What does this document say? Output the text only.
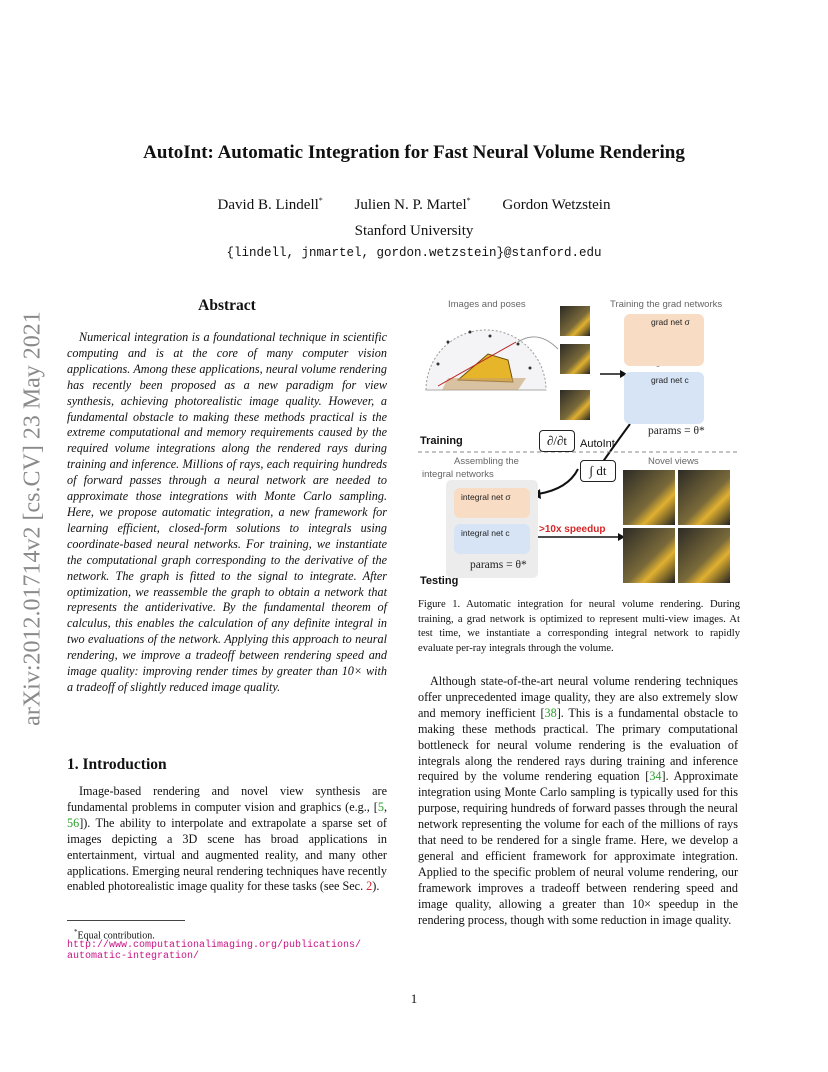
AutoInt: Automatic Integration for Fast Neural Volume Rendering
David B. Lindell* Julien N. P. Martel* Gordon Wetzstein
Stanford University
{lindell, jnmartel, gordon.wetzstein}@stanford.edu
arXiv:2012.01714v2 [cs.CV] 23 May 2021
Abstract
Numerical integration is a foundational technique in scientific computing and is at the core of many computer vision applications. Among these applications, neural volume rendering has recently been proposed as a new paradigm for view synthesis, achieving photorealistic image quality. However, a fundamental obstacle to making these methods practical is the extreme computational and memory requirements caused by the required volume integrations along the rendered rays during training and inference. Millions of rays, each requiring hundreds of forward passes through a neural network are needed to approximate those integrations with Monte Carlo sampling. Here, we propose automatic integration, a new framework for learning efficient, closed-form solutions to integrals using coordinate-based neural networks. For training, we instantiate the computational graph corresponding to the derivative of the network. The graph is fitted to the signal to integrate. After optimization, we reassemble the graph to obtain a network that represents the antiderivative. By the fundamental theorem of calculus, this enables the calculation of any definite integral in two evaluations of the network. Applying this approach to neural rendering, we improve a tradeoff between rendering speed and image quality: improving render times by greater than 10× with a tradeoff of slightly reduced image quality.
1. Introduction
Image-based rendering and novel view synthesis are fundamental problems in computer vision and graphics (e.g., [5, 56]). The ability to interpolate and extrapolate a sparse set of images depicting a 3D scene has broad applications in entertainment, virtual and augmented reality, and many other applications. Emerging neural rendering techniques have recently enabled photorealistic image quality for these tasks (see Sec. 2).
*Equal contribution.
http://www.computationalimaging.org/publications/
automatic-integration/
Although state-of-the-art neural volume rendering techniques offer unprecedented image quality, they are also extremely slow and memory inefficient [38]. This is a fundamental obstacle to making these methods practical. The primary computational bottleneck for neural volume rendering is the evaluation of integrals along the rendered rays during training and inference required by the volume rendering equation [34]. Approximate integration using Monte Carlo sampling is typically used for this purpose, requiring hundreds of forward passes through the neural network representing the volume for each of the millions of rays that need to be rendered for a single frame. Here, we develop a general and efficient framework for approximate integration. Applied to the specific problem of neural volume rendering, our framework improves a tradeoff between rendering speed and image quality, allowing a greater than 10× speedup in the rendering process, though with some reduction in image quality.
Images and poses	Training the grad networks
grad net σ
grad net c
params = θ*
Training	∂/∂t	AutoInt
∫ dt
Assembling the
integral networks
Novel views
integral net σ
integral net c
params = θ*
>10x speedup
Testing
Figure 1. Automatic integration for neural volume rendering. During training, a grad network is optimized to represent multi-view images. At test time, we instantiate a corresponding integral network to rapidly evaluate per-ray integrals through the volume.
1
